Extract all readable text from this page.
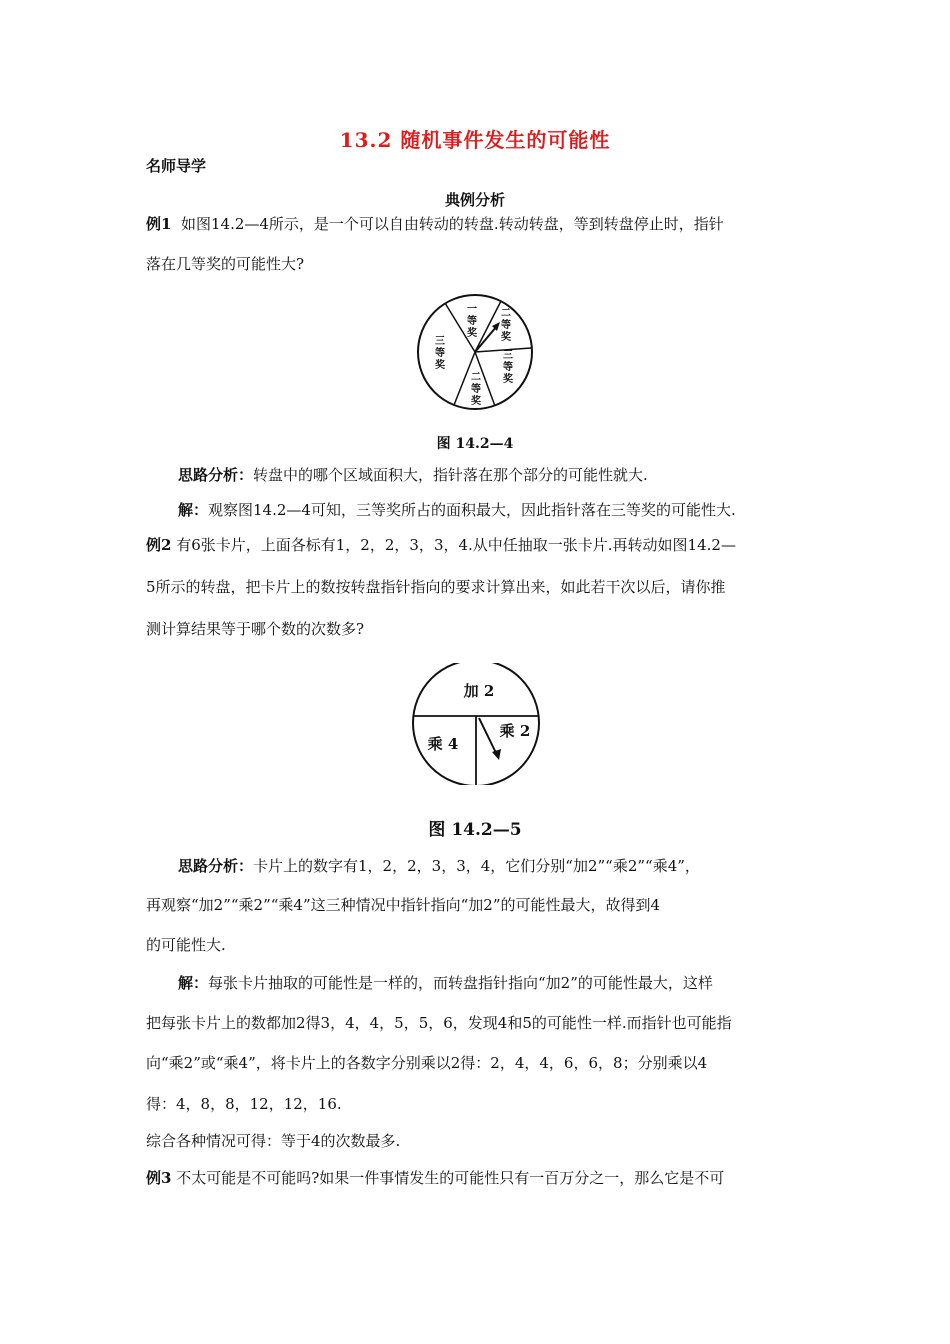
13.2 随机事件发生的可能性
名师导学
典例分析
例1 如图14.2—4所示，是一个可以自由转动的转盘.转动转盘，等到转盘停止时，指针
落在几等奖的可能性大?
一等奖
二等奖
三等奖
二等奖
三等奖
图 14.2—4
思路分析：转盘中的哪个区域面积大，指针落在那个部分的可能性就大.
解：观察图14.2—4可知，三等奖所占的面积最大，因此指针落在三等奖的可能性大.
例2 有6张卡片，上面各标有1，2，2，3，3，4.从中任抽取一张卡片.再转动如图14.2—
5所示的转盘，把卡片上的数按转盘指针指向的要求计算出来，如此若干次以后，请你推
测计算结果等于哪个数的次数多?
加 2
乘 4
乘 2
图 14.2—5
思路分析：卡片上的数字有1，2，2，3，3，4，它们分别“加2”“乘2”“乘4”，
再观察“加2”“乘2”“乘4”这三种情况中指针指向“加2”的可能性最大，故得到4
的可能性大.
解：每张卡片抽取的可能性是一样的，而转盘指针指向“加2”的可能性最大，这样
把每张卡片上的数都加2得3，4，4，5，5，6，发现4和5的可能性一样.而指针也可能指
向“乘2”或“乘4”，将卡片上的各数字分别乘以2得：2，4，4，6，6，8；分别乘以4
得：4，8，8，12，12，16.
综合各种情况可得：等于4的次数最多.
例3 不太可能是不可能吗?如果一件事情发生的可能性只有一百万分之一，那么它是不可
